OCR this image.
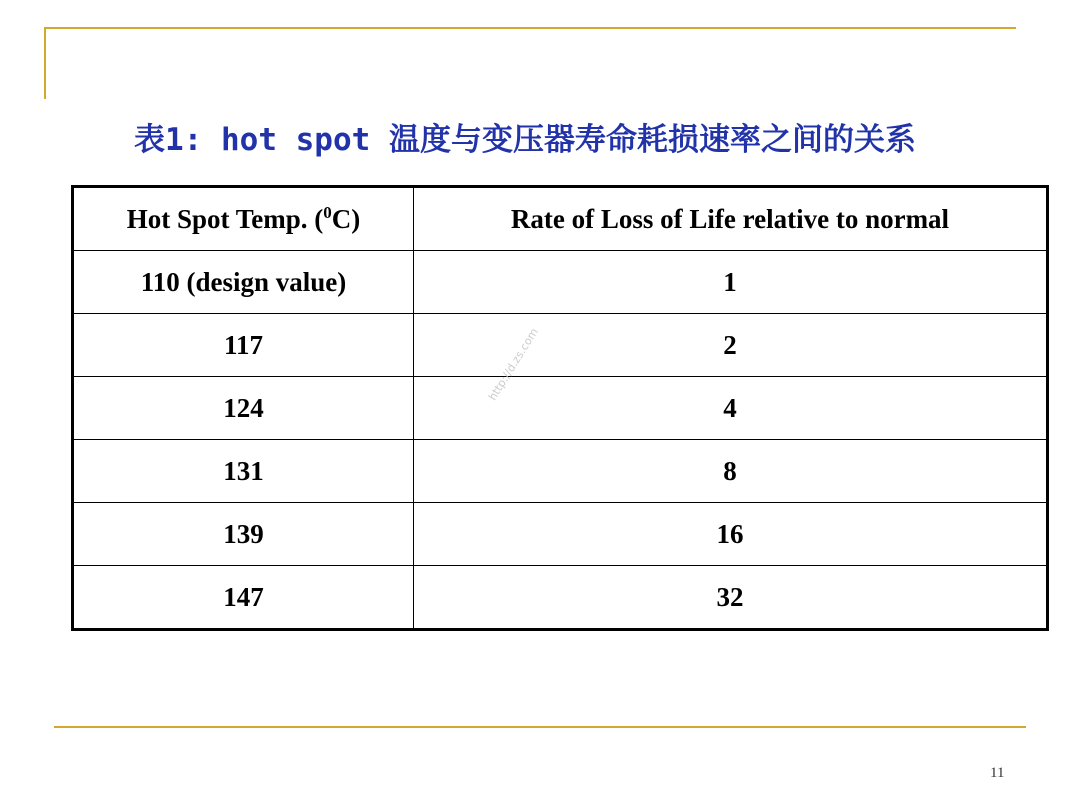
表1: hot spot 温度与变压器寿命耗损速率之间的关系
Hot Spot Temp. ($^0$C)	Rate of Loss of Life relative to normal
110 (design value)	1
117	2
124	4
131	8
139	16
147	32
http://d.zs.com
11
